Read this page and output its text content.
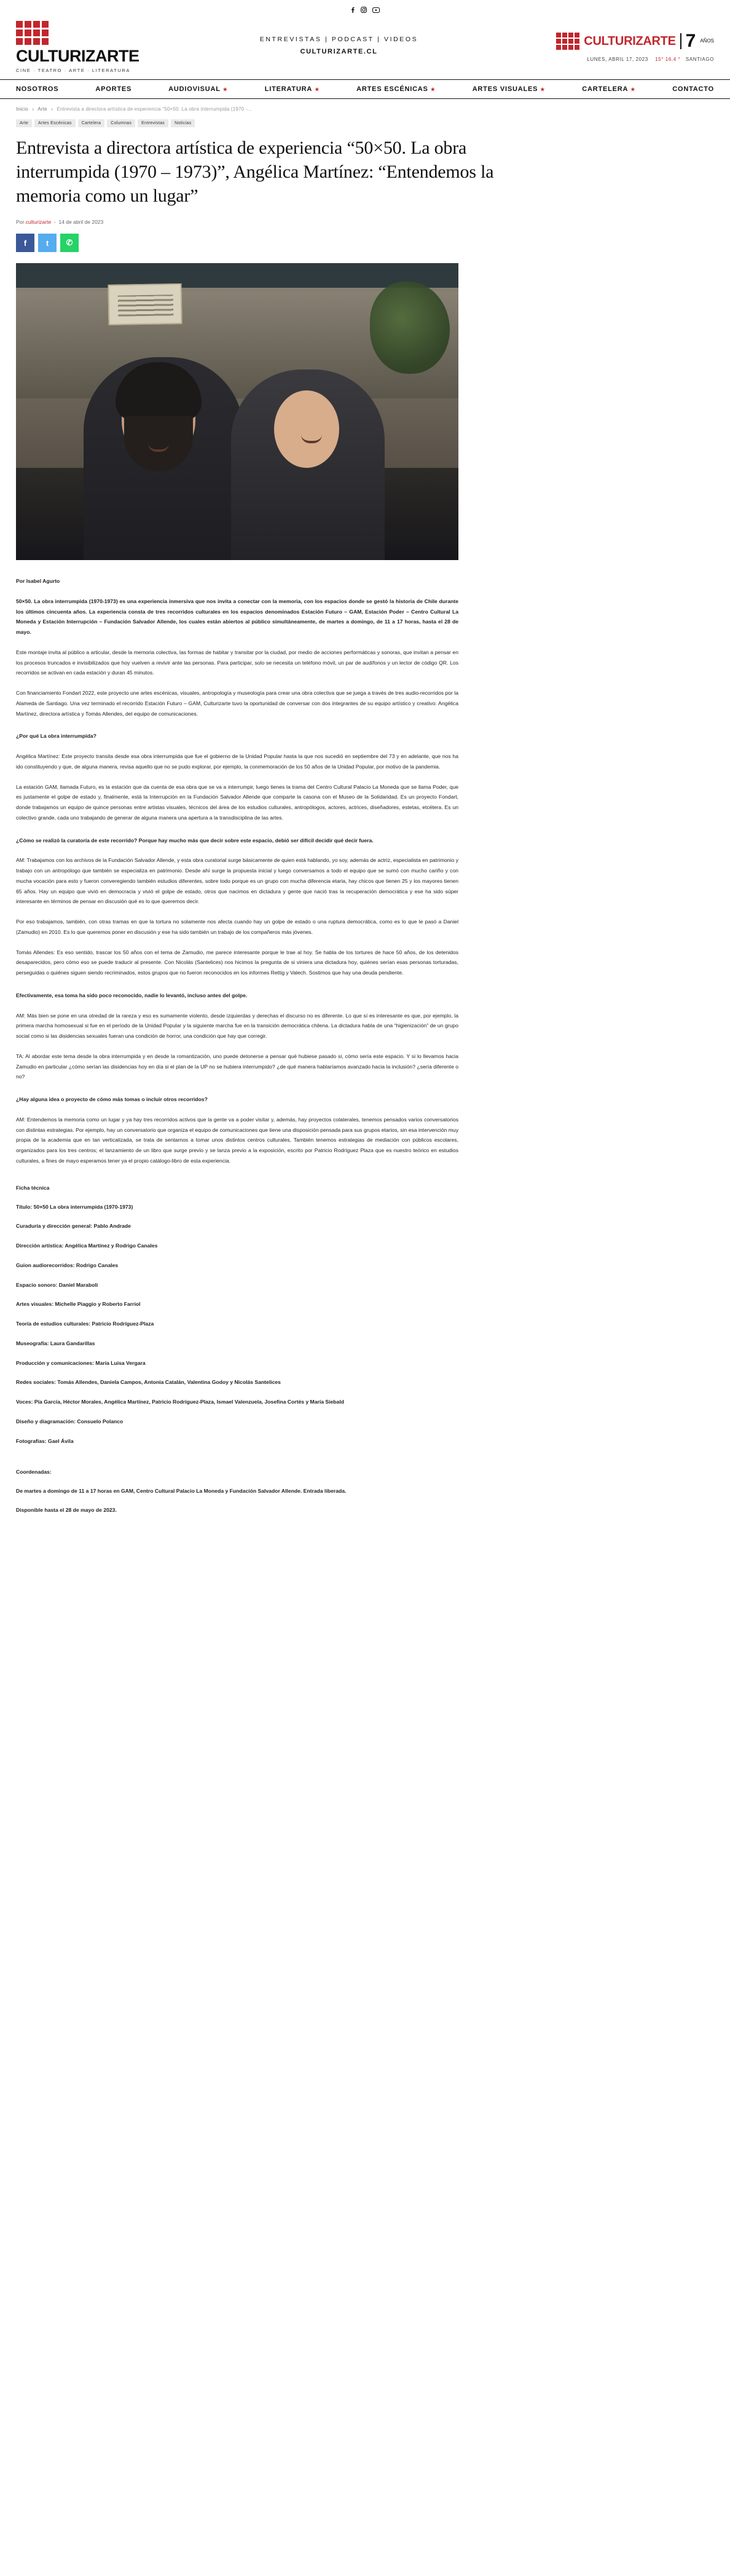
CULTURIZARTE
CINE · TEATRO · ARTE · LITERATURA
ENTREVISTAS | PODCAST | VIDEOS
CULTURIZARTE.CL
CULTURIZARTE 7 AÑOS
LUNES, ABRIL 17, 2023 15° 16.4 ° SANTIAGO
NOSOTROS	APORTES	AUDIOVISUAL ★	LITERATURA ★	ARTES ESCÉNICAS ★	ARTES VISUALES ★	CARTELERA ★	CONTACTO
Inicio › Arte › Entrevista a directora artística de experiencia "50×50. La obra interrumpida (1970 -...
Arte	Artes Escénicas	Cartelera	Columnas	Entrevistas	Noticias
Entrevista a directora artística de experiencia “50×50. La obra interrumpida (1970 – 1973)”, Angélica Martínez: “Entendemos la memoria como un lugar”
Por culturizarte  -  14 de abril de 2023
f	t	✆

Por Isabel Agurto

50×50. La obra interrumpida (1970-1973) es una experiencia inmersiva que nos invita a conectar con la memoria, con los espacios donde se gestó la historia de Chile durante los últimos cincuenta años. La experiencia consta de tres recorridos culturales en los espacios denominados Estación Futuro – GAM, Estación Poder – Centro Cultural La Moneda y Estación Interrupción – Fundación Salvador Allende, los cuales están abiertos al público simultáneamente, de martes a domingo, de 11 a 17 horas, hasta el 28 de mayo.

Este montaje invita al público a articular, desde la memoria colectiva, las formas de habitar y transitar por la ciudad, por medio de acciones performáticas y sonoras, que invitan a pensar en los procesos truncados e invisibilizados que hoy vuelven a revivir ante las personas. Para participar, solo se necesita un teléfono móvil, un par de audífonos y un lector de código QR. Los recorridos se activan en cada estación y duran 45 minutos.

Con financiamiento Fondart 2022, este proyecto une artes escénicas, visuales, antropología y museología para crear una obra colectiva que se juega a través de tres audio-recorridos por la Alameda de Santiago. Una vez terminado el recorrido Estación Futuro – GAM, Culturizarte tuvo la oportunidad de conversar con dos integrantes de su equipo artístico y creativo: Angélica Martínez, directora artística y Tomás Allendes, del equipo de comunicaciones.

¿Por qué La obra interrumpida?

Angélica Martínez: Este proyecto transita desde esa obra interrumpida que fue el gobierno de la Unidad Popular hasta la que nos sucedió en septiembre del 73 y en adelante, que nos ha ido constituyendo y que, de alguna manera, revisa aquello que no se pudo explorar, por ejemplo, la conmemoración de los 50 años de la Unidad Popular, por motivo de la pandemia.

La estación GAM, llamada Futuro, es la estación que da cuenta de esa obra que se va a interrumpir, luego tienes la trama del Centro Cultural Palacio La Moneda que se llama Poder, que es justamente el golpe de estado y, finalmente, está la Interrupción en la Fundación Salvador Allende que comparte la casona con el Museo de la Solidaridad. Es un proyecto Fondart, donde trabajamos un equipo de quince personas entre artistas visuales, técnicos del área de los estudios culturales, antropólogos, actores, actrices, diseñadores, estetas, etcétera. Es un colectivo grande, cada uno trabajando de generar de alguna manera una apertura a la transdisciplina de las artes.

¿Cómo se realizó la curatoría de este recorrido? Porque hay mucho más que decir sobre este espacio, debió ser difícil decidir qué decir fuera.

AM: Trabajamos con los archivos de la Fundación Salvador Allende, y esta obra curatorial surge básicamente de quien está hablando, yo soy, además de actriz, especialista en patrimonio y trabajo con un antropólogo que también se especializa en patrimonio. Desde ahí surge la propuesta inicial y luego conversamos a todo el equipo que se sumó con mucho cariño y con mucha vocación para esto y fueron converegiendo también estudios diferentes, sobre todo porque es un grupo con mucha diferencia etaria, hay chicos que tienen 25 y los mayores tienen 65 años. Hay un equipo que vivió en democracia y vivió el golpe de estado, otros que nacimos en dictadura y gente que nació tras la recuperación democrática y ese ha sido súper interesante en términos de pensar en discusión qué es lo que queremos decir.

Por eso trabajamos, también, con otras tramas en que la tortura no solamente nos afecta cuando hay un golpe de estado o una ruptura democrática, como es lo que le pasó a Daniel (Zamudio) en 2010. Es lo que queremos poner en discusión y ese ha sido también un trabajo de los compañeros más jóvenes.

Tomás Allendes: Es eso sentido, trascar los 50 años con el tema de Zamudio, me parece interesante porque le trae al hoy. Se habla de los tortures de hace 50 años, de los detenidos desaparecidos, pero cómo eso se puede traducir al presente. Con Nicolás (Santelices) nos hicimos la pregunta de si viniera una dictadura hoy, quiénes serían esas personas torturadas, perseguidas o quiénes siguen siendo recriminados, estos grupos que no fueron reconocidos en los informes Rettig y Valech. Sostimos que hay una deuda pendiente.

Efectivamente, esa toma ha sido poco reconocido, nadie lo levantó, incluso antes del golpe.

AM: Más bien se pone en una otredad de la rareza y eso es sumamente violento, desde izquierdas y derechas el discurso no es diferente. Lo que sí es interesante es que, por ejemplo, la primera marcha homosexual si fue en el período de la Unidad Popular y la siguiente marcha fue en la transición democrática chilena. La dictadura habla de una “higienización” de un grupo social como si las disidencias sexuales fueran una condición de horror, una condición que hay que corregir.

TA: Al abordar este tema desde la obra interrumpida y en desde la romantización, uno puede detonerse a pensar qué hubiese pasado si, cómo sería este espacio. Y si lo llevamos hacia Zamudio en particular ¿cómo serían las disidencias hoy en día si el plan de la UP no se hubiera interrumpido? ¿de qué manera hablaríamos avanzado hacia la inclusión? ¿sería diferente o no?

¿Hay alguna idea o proyecto de cómo más tomas o incluir otros recorridos?

AM: Entendemos la memoria como un lugar y ya hay tres recorridos activos que la gente va a poder visitar y, además, hay proyectos colaterales, tenemos pensados varios conversatorios con distintas estrategias. Por ejemplo, hay un conversatorio que organiza el equipo de comunicaciones que tiene una disposición pensada para sus grupos etarios, sin esa intervención muy propia de la academia que en tan verticalizada, se trata de sentarnos a tomar unos distintos centros culturales, También tenemos estrategias de mediación con públicos escolares, organizados para los tres centros; el lanzamiento de un libro que surge previo y se lanza previo a la exposición, escrito por Patricio Rodríguez Plaza que es nuestro teórico en estudios culturales, a fines de mayo esperamos tener ya el propio catálogo-libro de esta experiencia.

Ficha técnica

Título: 50×50 La obra interrumpida (1970-1973)

Curaduría y dirección general: Pablo Andrade

Dirección artística: Angélica Martínez y Rodrigo Canales

Guion audiorecorridos: Rodrigo Canales

Espacio sonoro: Daniel Maraboli

Artes visuales: Michelle Piaggio y Roberto Farriol

Teoría de estudios culturales: Patricio Rodríguez-Plaza

Museografía: Laura Gandarillas

Producción y comunicaciones: María Luisa Vergara

Redes sociales: Tomás Allendes, Daniela Campos, Antonia Catalán, Valentina Godoy y Nicolás Santelices

Voces: Pía García, Héctor Morales, Angélica Martínez, Patricio Rodríguez-Plaza, Ismael Valenzuela, Josefina Cortés y María Siebald

Diseño y diagramación: Consuelo Polanco

Fotografías: Gael Ávila

Coordenadas:

De martes a domingo de 11 a 17 horas en GAM, Centro Cultural Palacio La Moneda y Fundación Salvador Allende. Entrada liberada.

Disponible hasta el 28 de mayo de 2023.
